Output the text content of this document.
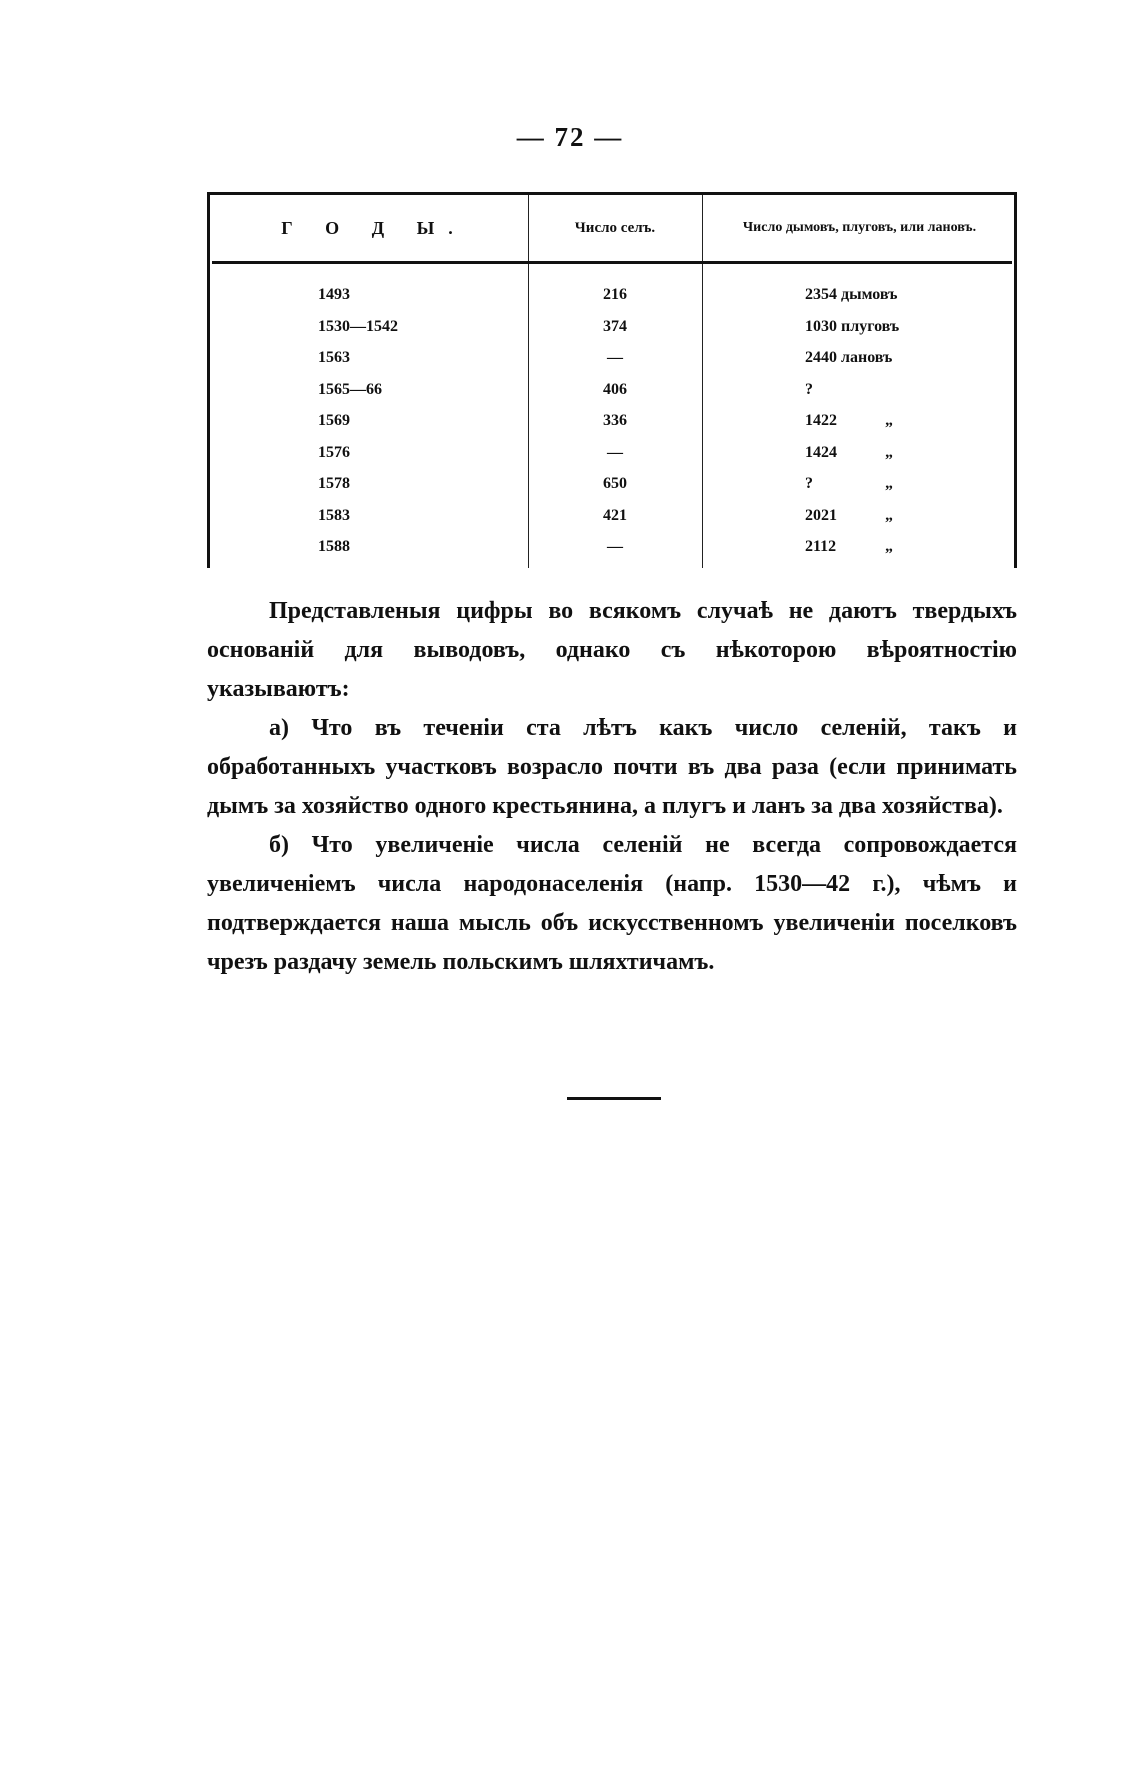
— 72 —
Г О Д Ы.	Число селъ.	Число дымовъ, плуговъ, или лановъ.
1493	216	2354 дымовъ
1530—1542	374	1030 плуговъ
1563	—	2440 лановъ
1565—66	406	?
1569	336	1422	„
1576	—	1424	„
1578	650	?	„
1583	421	2021	„
1588	—	2112	„

Представленыя цифры во всякомъ случаѣ не даютъ твердыхъ основаній для выводовъ, однако съ нѣкоторою вѣроятностію указываютъ:

а) Что въ теченіи ста лѣтъ какъ число селеній, такъ и обработанныхъ участковъ возрасло почти въ два раза (если принимать дымъ за хозяйство одного крестьянина, а плугъ и ланъ за два хозяйства).

б) Что увеличеніе числа селеній не всегда сопровождается увеличеніемъ числа народонаселенія (напр. 1530—42 г.), чѣмъ и подтверждается наша мысль объ искусственномъ увеличеніи поселковъ чрезъ раздачу земель польскимъ шляхтичамъ.
